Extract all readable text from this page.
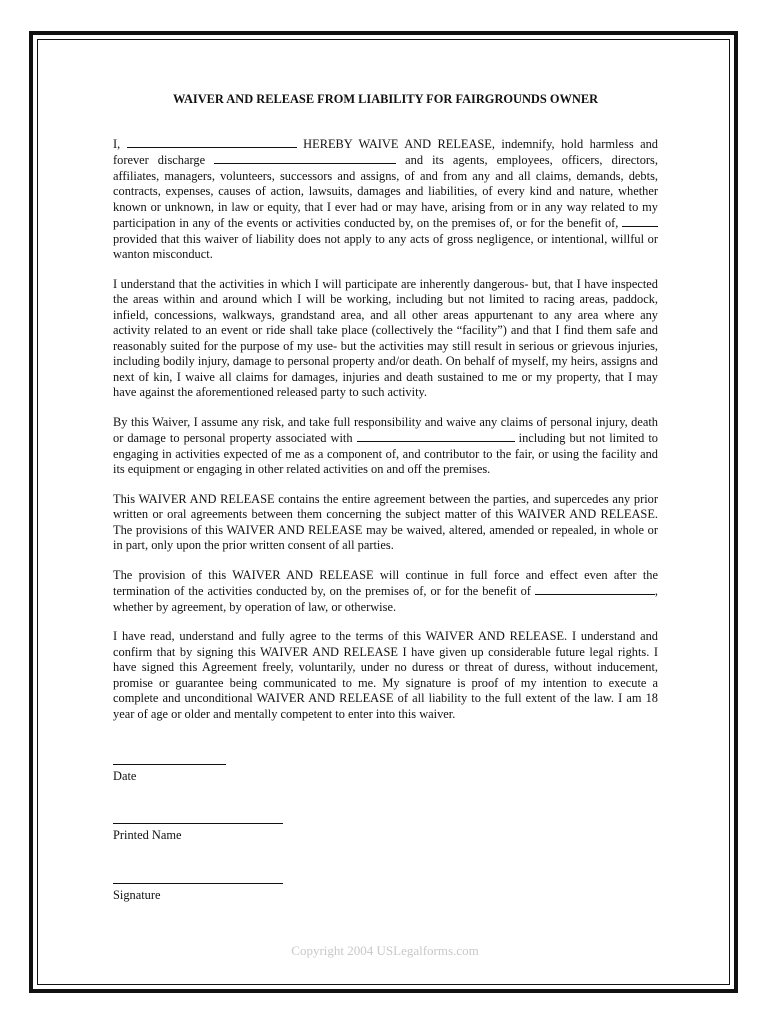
WAIVER AND RELEASE FROM LIABILITY FOR FAIRGROUNDS OWNER

I,	HEREBY WAIVE AND RELEASE, indemnify, hold harmless and forever discharge	and its agents, employees, officers, directors, affiliates, managers, volunteers, successors and assigns, of and from any and all claims, demands, debts, contracts, expenses, causes of action, lawsuits, damages and liabilities, of every kind and nature, whether known or unknown, in law or equity, that I ever had or may have, arising from or in any way related to my participation in any of the events or activities conducted by, on the premises of, or for the benefit of,  provided that this waiver of liability does not apply to any acts of gross negligence, or intentional, willful or wanton misconduct.

I understand that the activities in which I will participate are inherently dangerous- but, that I have inspected the areas within and around which I will be working, including but not limited to racing areas, paddock, infield, concessions, walkways, grandstand area, and all other areas appurtenant to any area where any activity related to an event or ride shall take place (collectively the “facility”) and that I find them safe and reasonably suited for the purpose of my use- but the activities may still result in serious or grievous injuries, including bodily injury, damage to personal property and/or death. On behalf of myself, my heirs, assigns and next of kin, I waive all claims for damages, injuries and death sustained to me or my property, that I may have against the aforementioned released party to such activity.

By this Waiver, I assume any risk, and take full responsibility and waive any claims of personal injury, death or damage to personal property associated with	including but not limited to engaging in activities expected of me as a component of, and contributor to the fair, or using the facility and its equipment or engaging in other related activities on and off the premises.

This WAIVER AND RELEASE contains the entire agreement between the parties, and supercedes any prior written or oral agreements between them concerning the subject matter of this WAIVER AND RELEASE. The provisions of this WAIVER AND RELEASE may be waived, altered, amended or repealed, in whole or in part, only upon the prior written consent of all parties.

The provision of this WAIVER AND RELEASE will continue in full force and effect even after the termination of the activities conducted by, on the premises of, or for the benefit of	, whether by agreement, by operation of law, or otherwise.

I have read, understand and fully agree to the terms of this WAIVER AND RELEASE. I understand and confirm that by signing this WAIVER AND RELEASE I have given up considerable future legal rights. I have signed this Agreement freely, voluntarily, under no duress or threat of duress, without inducement, promise or guarantee being communicated to me. My signature is proof of my intention to execute a complete and unconditional WAIVER AND RELEASE of all liability to the full extent of the law. I am 18 year of age or older and mentally competent to enter into this waiver.

Date
Printed Name
Signature
Copyright 2004 USLegalforms.com
